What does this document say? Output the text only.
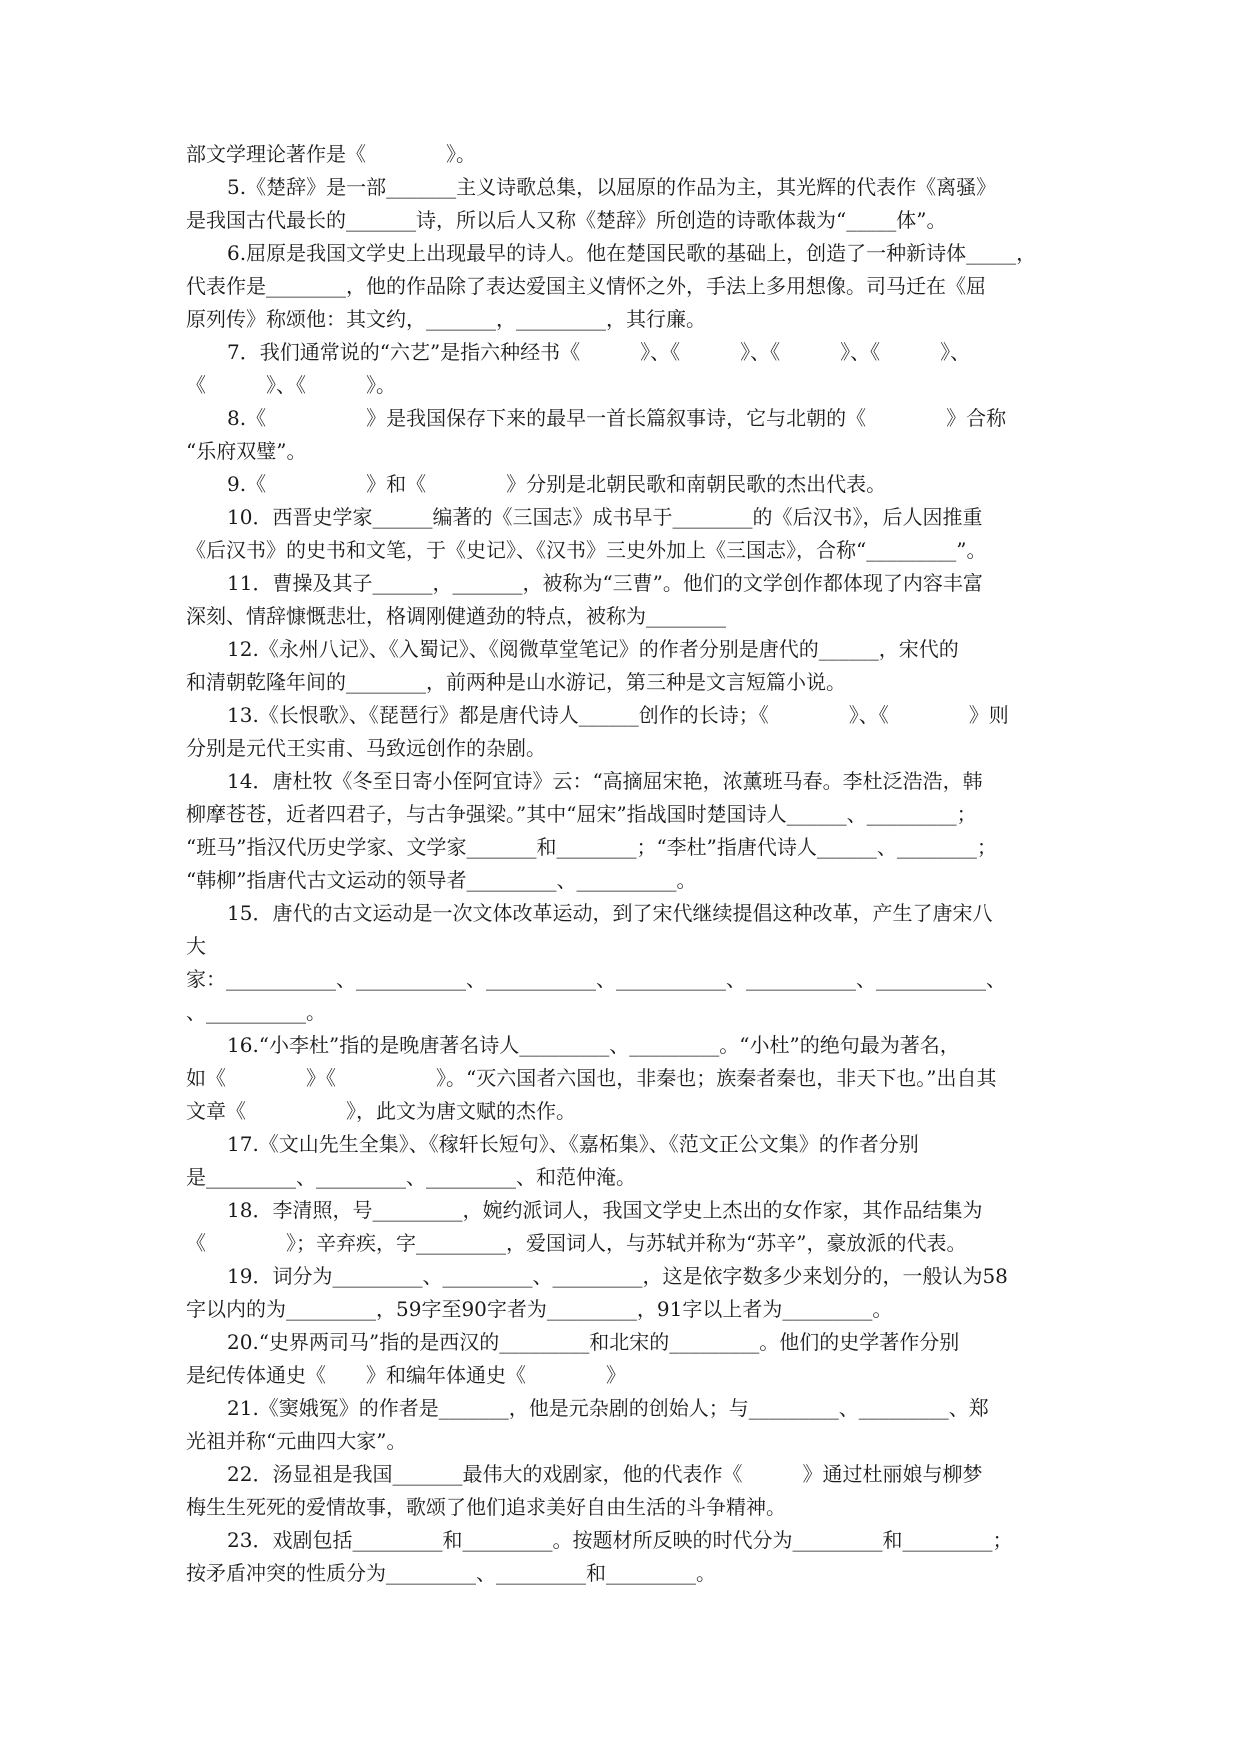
部文学理论著作是《　　　　》。
5.《楚辞》是一部_______主义诗歌总集，以屈原的作品为主，其光辉的代表作《离骚》
是我国古代最长的_______诗，所以后人又称《楚辞》所创造的诗歌体裁为“_____体”。
6.屈原是我国文学史上出现最早的诗人。他在楚国民歌的基础上，创造了一种新诗体_____，
代表作是________，他的作品除了表达爱国主义情怀之外，手法上多用想像。司马迁在《屈
原列传》称颂他：其文约，_______，_________，其行廉。
7．我们通常说的“六艺”是指六种经书《　　　》、《　　　》、《　　　》、《　　　》、
《　　　》、《　　　》。
8.《　　　　　》是我国保存下来的最早一首长篇叙事诗，它与北朝的《　　　　》合称
“乐府双璧”。
9.《　　　　　》和《　　　　》分别是北朝民歌和南朝民歌的杰出代表。
10．西晋史学家______编著的《三国志》成书早于________的《后汉书》，后人因推重
《后汉书》的史书和文笔，于《史记》、《汉书》三史外加上《三国志》，合称“_________”。
11．曹操及其子______，_______，被称为“三曹”。他们的文学创作都体现了内容丰富
深刻、情辞慷慨悲壮，格调刚健遒劲的特点，被称为________
12.《永州八记》、《入蜀记》、《阅微草堂笔记》的作者分别是唐代的______，宋代的
和清朝乾隆年间的________，前两种是山水游记，第三种是文言短篇小说。
13.《长恨歌》、《琵琶行》都是唐代诗人______创作的长诗；《　　　　》、《　　　　》则
分别是元代王实甫、马致远创作的杂剧。
14．唐杜牧《冬至日寄小侄阿宜诗》云：“高摘屈宋艳，浓薰班马春。李杜泛浩浩，韩
柳摩苍苍，近者四君子，与古争强梁。”其中“屈宋”指战国时楚国诗人______、_________；
“班马”指汉代历史学家、文学家_______和________；“李杜”指唐代诗人______、________；
“韩柳”指唐代古文运动的领导者_________、__________。
15．唐代的古文运动是一次文体改革运动，到了宋代继续提倡这种改革，产生了唐宋八
大
家：___________、___________、___________、___________、___________、___________、
、__________。
16.“小李杜”指的是晚唐著名诗人_________、_________。“小杜”的绝句最为著名，
如《　　　　》《　　　　　》。“灭六国者六国也，非秦也；族秦者秦也，非天下也。”出自其
文章《　　　　　》，此文为唐文赋的杰作。
17.《文山先生全集》、《稼轩长短句》、《嘉柘集》、《范文正公文集》的作者分别
是_________、_________、_________、和范仲淹。
18．李清照，号_________，婉约派词人，我国文学史上杰出的女作家，其作品结集为
《　　　　》；辛弃疾，字_________，爱国词人，与苏轼并称为“苏辛”，豪放派的代表。
19．词分为_________、_________、_________，这是依字数多少来划分的，一般认为58
字以内的为_________，59字至90字者为_________，91字以上者为_________。
20.“史界两司马”指的是西汉的_________和北宋的_________。他们的史学著作分别
是纪传体通史《　　》和编年体通史《　　　　》
21.《窦娥冤》的作者是_______，他是元杂剧的创始人；与_________、_________、郑
光祖并称“元曲四大家”。
22．汤显祖是我国_______最伟大的戏剧家，他的代表作《　　　》通过杜丽娘与柳梦
梅生生死死的爱情故事，歌颂了他们追求美好自由生活的斗争精神。
23．戏剧包括_________和_________。按题材所反映的时代分为_________和_________；
按矛盾冲突的性质分为_________、_________和_________。
